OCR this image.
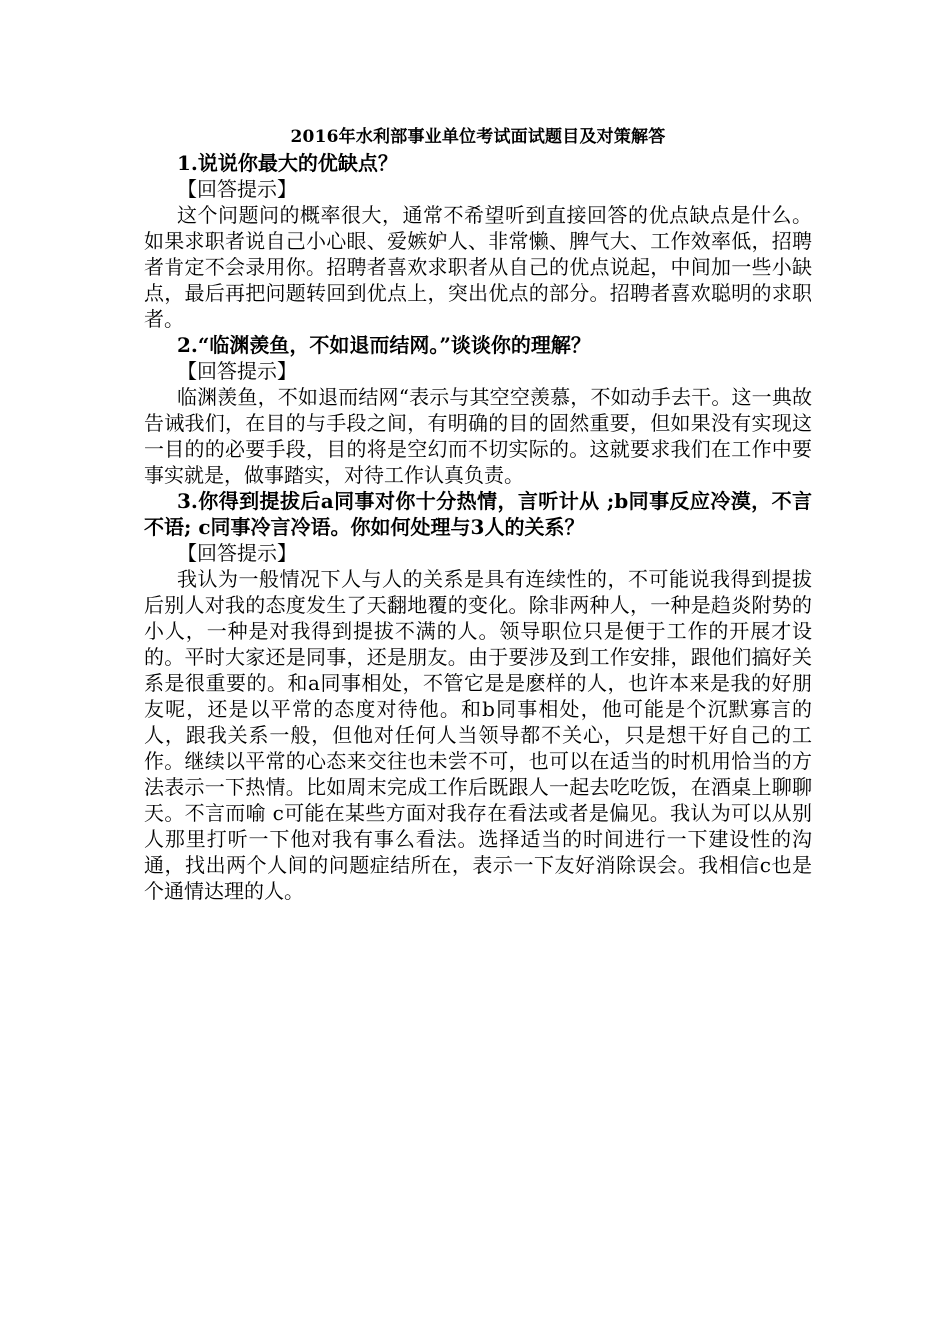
2016年水利部事业单位考试面试题目及对策解答

1.说说你最大的优缺点？

【回答提示】

这个问题问的概率很大，通常不希望听到直接回答的优点缺点是什么。如果求职者说自己小心眼、爱嫉妒人、非常懒、脾气大、工作效率低，招聘者肯定不会录用你。招聘者喜欢求职者从自己的优点说起，中间加一些小缺点，最后再把问题转回到优点上，突出优点的部分。招聘者喜欢聪明的求职者。

2.“临渊羡鱼，不如退而结网。”谈谈你的理解？

【回答提示】

临渊羡鱼，不如退而结网“表示与其空空羡慕，不如动手去干。这一典故告诫我们，在目的与手段之间，有明确的目的固然重要，但如果没有实现这一目的的必要手段，目的将是空幻而不切实际的。这就要求我们在工作中要事实就是，做事踏实，对待工作认真负责。

3.你得到提拔后a同事对你十分热情，言听计从 ;b同事反应冷漠，不言不语; c同事冷言冷语。你如何处理与3人的关系？

【回答提示】

我认为一般情况下人与人的关系是具有连续性的，不可能说我得到提拔后别人对我的态度发生了天翻地覆的变化。除非两种人，一种是趋炎附势的小人，一种是对我得到提拔不满的人。领导职位只是便于工作的开展才设的。平时大家还是同事，还是朋友。由于要涉及到工作安排，跟他们搞好关系是很重要的。和a同事相处，不管它是是麽样的人，也许本来是我的好朋友呢，还是以平常的态度对待他。和b同事相处，他可能是个沉默寡言的人，跟我关系一般，但他对任何人当领导都不关心，只是想干好自己的工作。继续以平常的心态来交往也未尝不可，也可以在适当的时机用恰当的方法表示一下热情。比如周末完成工作后既跟人一起去吃吃饭，在酒桌上聊聊天。不言而喻 c可能在某些方面对我存在看法或者是偏见。我认为可以从别人那里打听一下他对我有事么看法。选择适当的时间进行一下建设性的沟通，找出两个人间的问题症结所在，表示一下友好消除误会。我相信c也是个通情达理的人。
